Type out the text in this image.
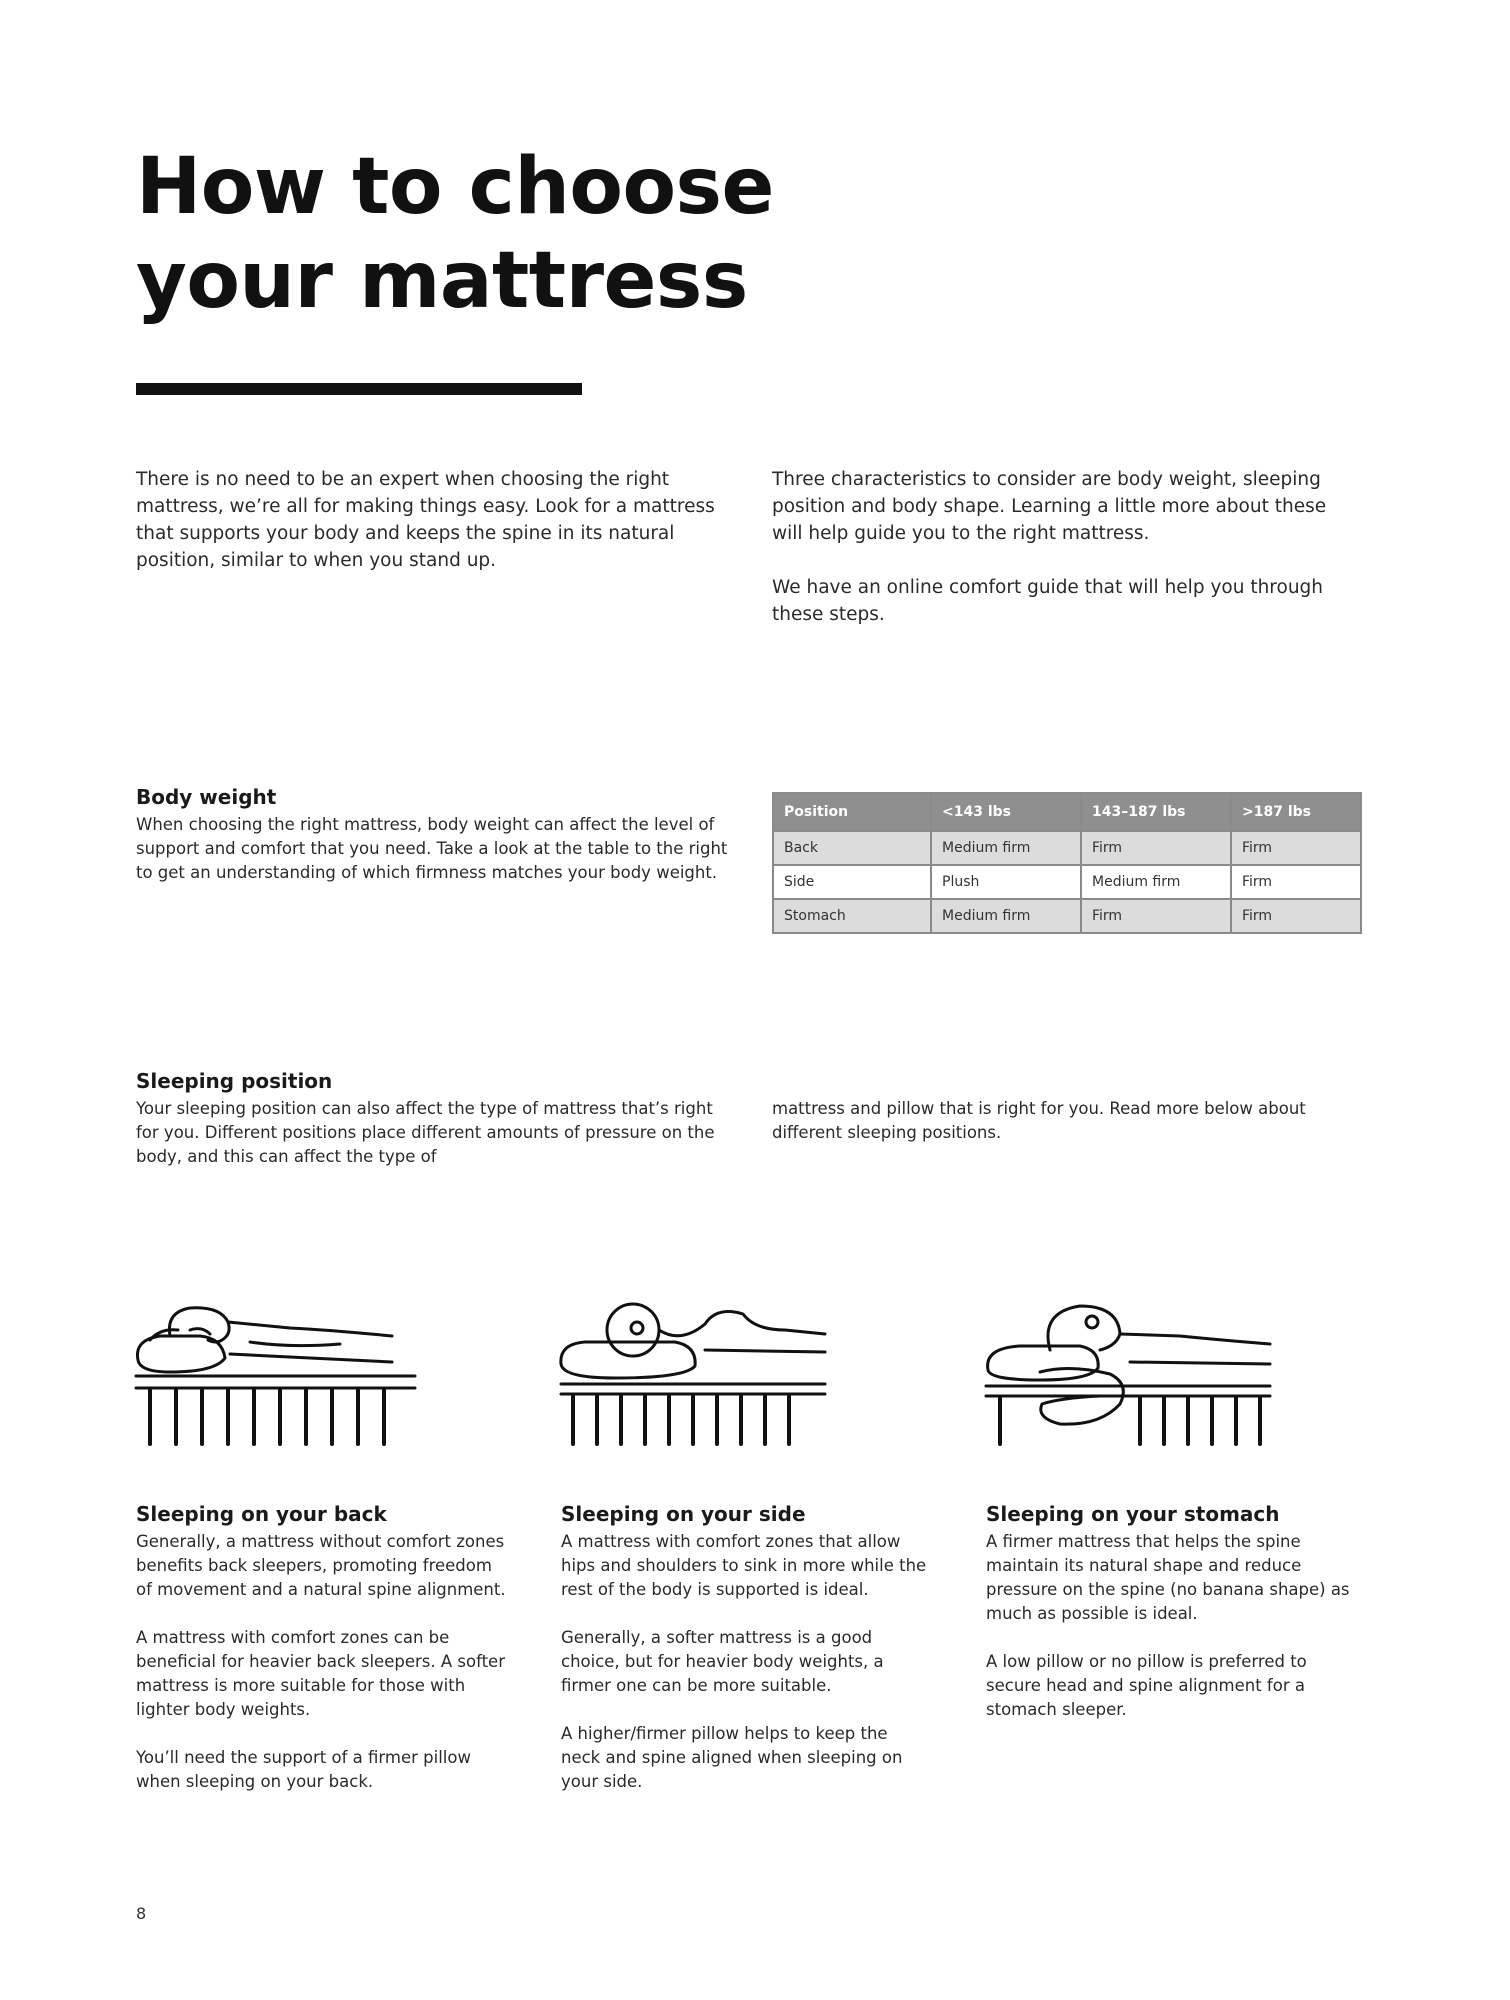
How to choose
your mattress

There is no need to be an expert when choosing the right mattress, we’re all for making things easy. Look for a mattress that supports your body and keeps the spine in its natural position, similar to when you stand up.

Three characteristics to consider are body weight, sleeping position and body shape. Learning a little more about these will help guide you to the right mattress.

We have an online comfort guide that will help you through these steps.

Body weight

When choosing the right mattress, body weight can affect the level of support and comfort that you need. Take a look at the table to the right to get an understanding of which firmness matches your body weight.

Position	<143 lbs	143–187 lbs	>187 lbs
Back	Medium firm	Firm	Firm
Side	Plush	Medium firm	Firm
Stomach	Medium firm	Firm	Firm

Sleeping position

Your sleeping position can also affect the type of mattress that’s right for you. Different positions place different amounts of pressure on the body, and this can affect the type of

mattress and pillow that is right for you. Read more below about different sleeping positions.

Sleeping on your back

Generally, a mattress without comfort zones benefits back sleepers, promoting freedom of movement and a natural spine alignment.

A mattress with comfort zones can be beneficial for heavier back sleepers. A softer mattress is more suitable for those with lighter body weights.

You’ll need the support of a firmer pillow when sleeping on your back.

Sleeping on your side

A mattress with comfort zones that allow hips and shoulders to sink in more while the rest of the body is supported is ideal.

Generally, a softer mattress is a good choice, but for heavier body weights, a firmer one can be more suitable.

A higher/firmer pillow helps to keep the neck and spine aligned when sleeping on your side.

Sleeping on your stomach

A firmer mattress that helps the spine maintain its natural shape and reduce pressure on the spine (no banana shape) as much as possible is ideal.

A low pillow or no pillow is preferred to secure head and spine alignment for a stomach sleeper.

8
